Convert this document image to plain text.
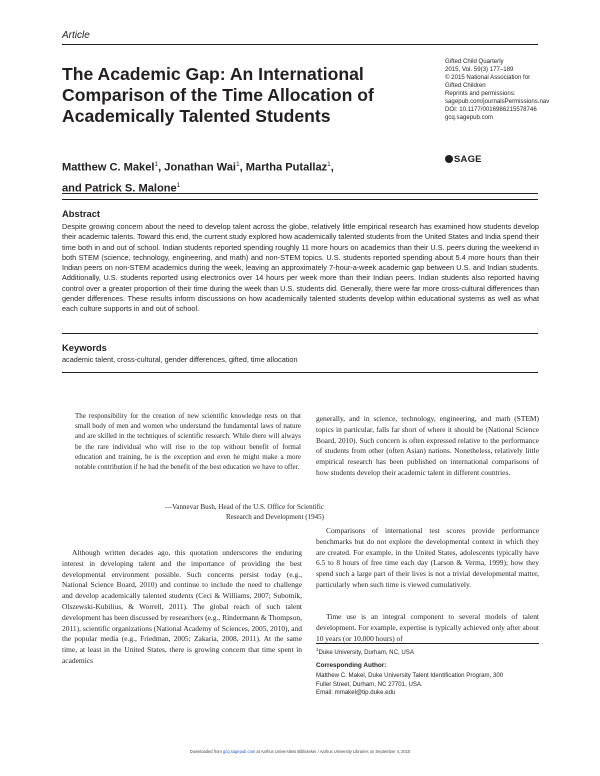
Article
The Academic Gap: An International Comparison of the Time Allocation of Academically Talented Students
Gifted Child Quarterly
2015, Vol. 59(3) 177–189
© 2015 National Association for
Gifted Children
Reprints and permissions:
sagepub.com/journalsPermissions.nav
DOI: 10.1177/0016986215578746
gcq.sagepub.com
SAGE
Matthew C. Makel$^1$, Jonathan Wai$^1$, Martha Putallaz$^1$,
and Patrick S. Malone$^1$
Abstract
Despite growing concern about the need to develop talent across the globe, relatively little empirical research has examined how students develop their academic talents. Toward this end, the current study explored how academically talented students from the United States and India spend their time both in and out of school. Indian students reported spending roughly 11 more hours on academics than their U.S. peers during the weekend in both STEM (science, technology, engineering, and math) and non-STEM topics. U.S. students reported spending about 5.4 more hours than their Indian peers on non-STEM academics during the week, leaving an approximately 7-hour-a-week academic gap between U.S. and Indian students. Additionally, U.S. students reported using electronics over 14 hours per week more than their Indian peers. Indian students also reported having control over a greater proportion of their time during the week than U.S. students did. Generally, there were far more cross-cultural differences than gender differences. These results inform discussions on how academically talented students develop within educational systems as well as what each culture supports in and out of school.
Keywords
academic talent, cross-cultural, gender differences, gifted, time allocation
The responsibility for the creation of new scientific knowledge rests on that small body of men and women who understand the fundamental laws of nature and are skilled in the techniques of scientific research. While there will always be the rare individual who will rise to the top without benefit of formal education and training, he is the exception and even he might make a more notable contribution if he had the benefit of the best education we have to offer.
—Vannevar Bush, Head of the U.S. Office for Scientific
Research and Development (1945)
Although written decades ago, this quotation underscores the enduring interest in developing talent and the importance of providing the best developmental environment possible. Such concerns persist today (e.g., National Science Board, 2010) and continue to include the need to challenge and develop academically talented students (Ceci & Williams, 2007; Subotnik, Olszewski-Kubilius, & Worrell, 2011). The global reach of such talent development has been discussed by researchers (e.g., Rindermann & Thompson, 2011), scientific organizations (National Academy of Sciences, 2005, 2010), and the popular media (e.g., Friedman, 2005; Zakaria, 2008, 2011). At the same time, at least in the United States, there is growing concern that time spent in academics
generally, and in science, technology, engineering, and math (STEM) topics in particular, falls far short of where it should be (National Science Board, 2010). Such concern is often expressed relative to the performance of students from other (often Asian) nations. Nonetheless, relatively little empirical research has been published on international comparisons of how students develop their academic talent in different countries.
Comparisons of international test scores provide performance benchmarks but do not explore the developmental context in which they are created. For example, in the United States, adolescents typically have 6.5 to 8 hours of free time each day (Larson & Verma, 1999); how they spend such a large part of their lives is not a trivial developmental matter, particularly when such time is viewed cumulatively.
Time use is an integral component to several models of talent development. For example, expertise is typically achieved only after about 10 years (or 10,000 hours) of
$^1$Duke University, Durham, NC, USA
Corresponding Author:
Matthew C. Makel, Duke University Talent Identification Program, 300
Fuller Street, Durham, NC 27701, USA.
Email: mmakel@tip.duke.edu
Downloaded from gcq.sagepub.com at Aarhus Universitets Biblioteker / Aarhus University Libraries on September 4, 2015
